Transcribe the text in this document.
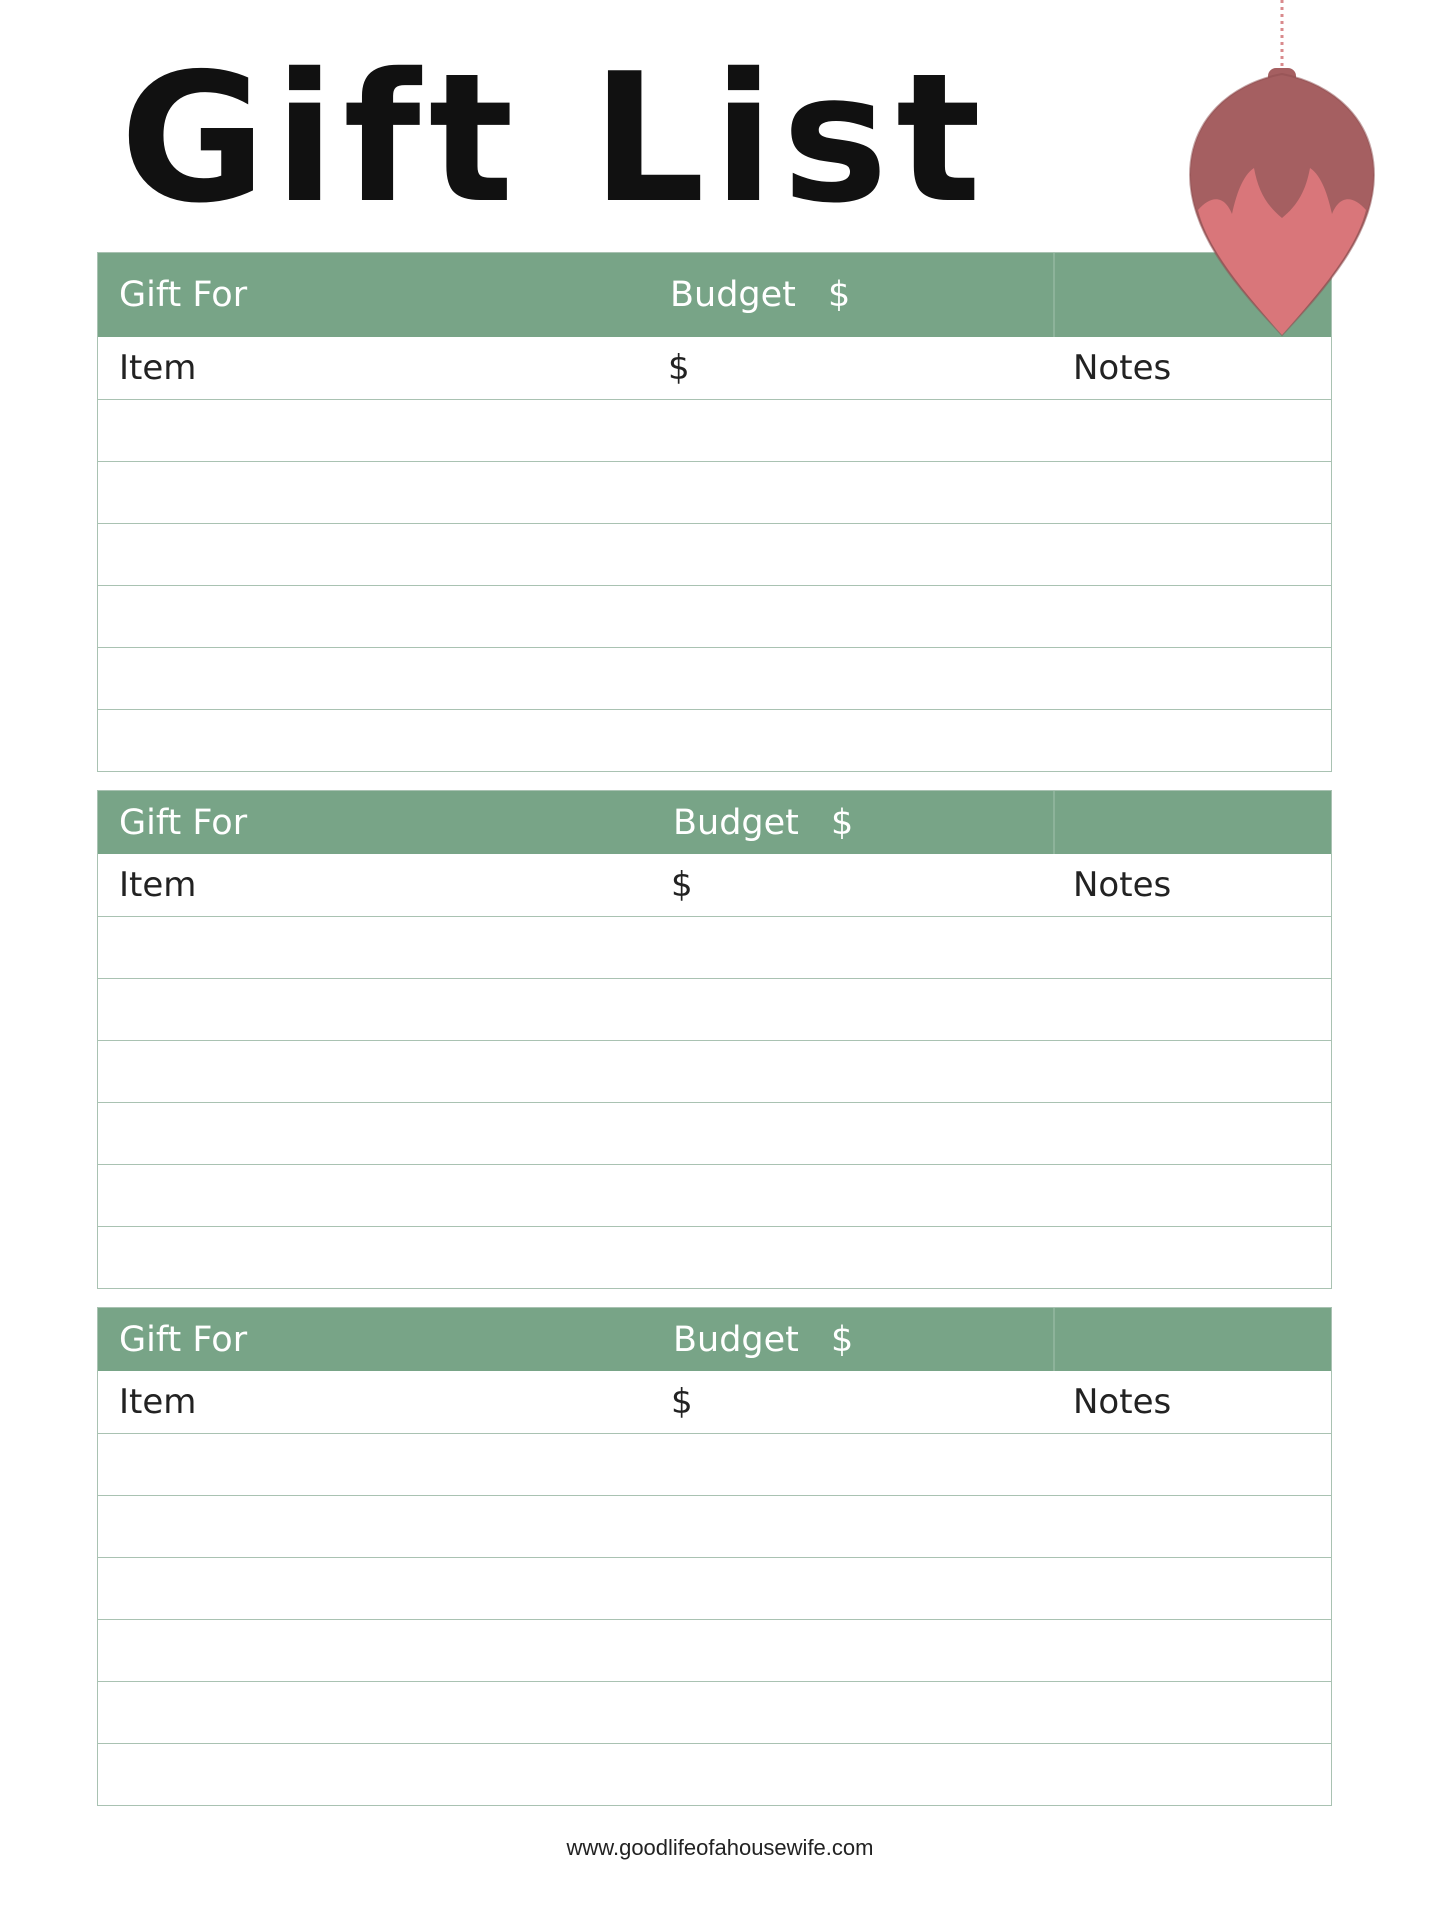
Gift List
Gift For	Budget $
Item	$	Notes
Gift For	Budget $
Item	$	Notes
Gift For	Budget $
Item	$	Notes
www.goodlifeofahousewife.com
